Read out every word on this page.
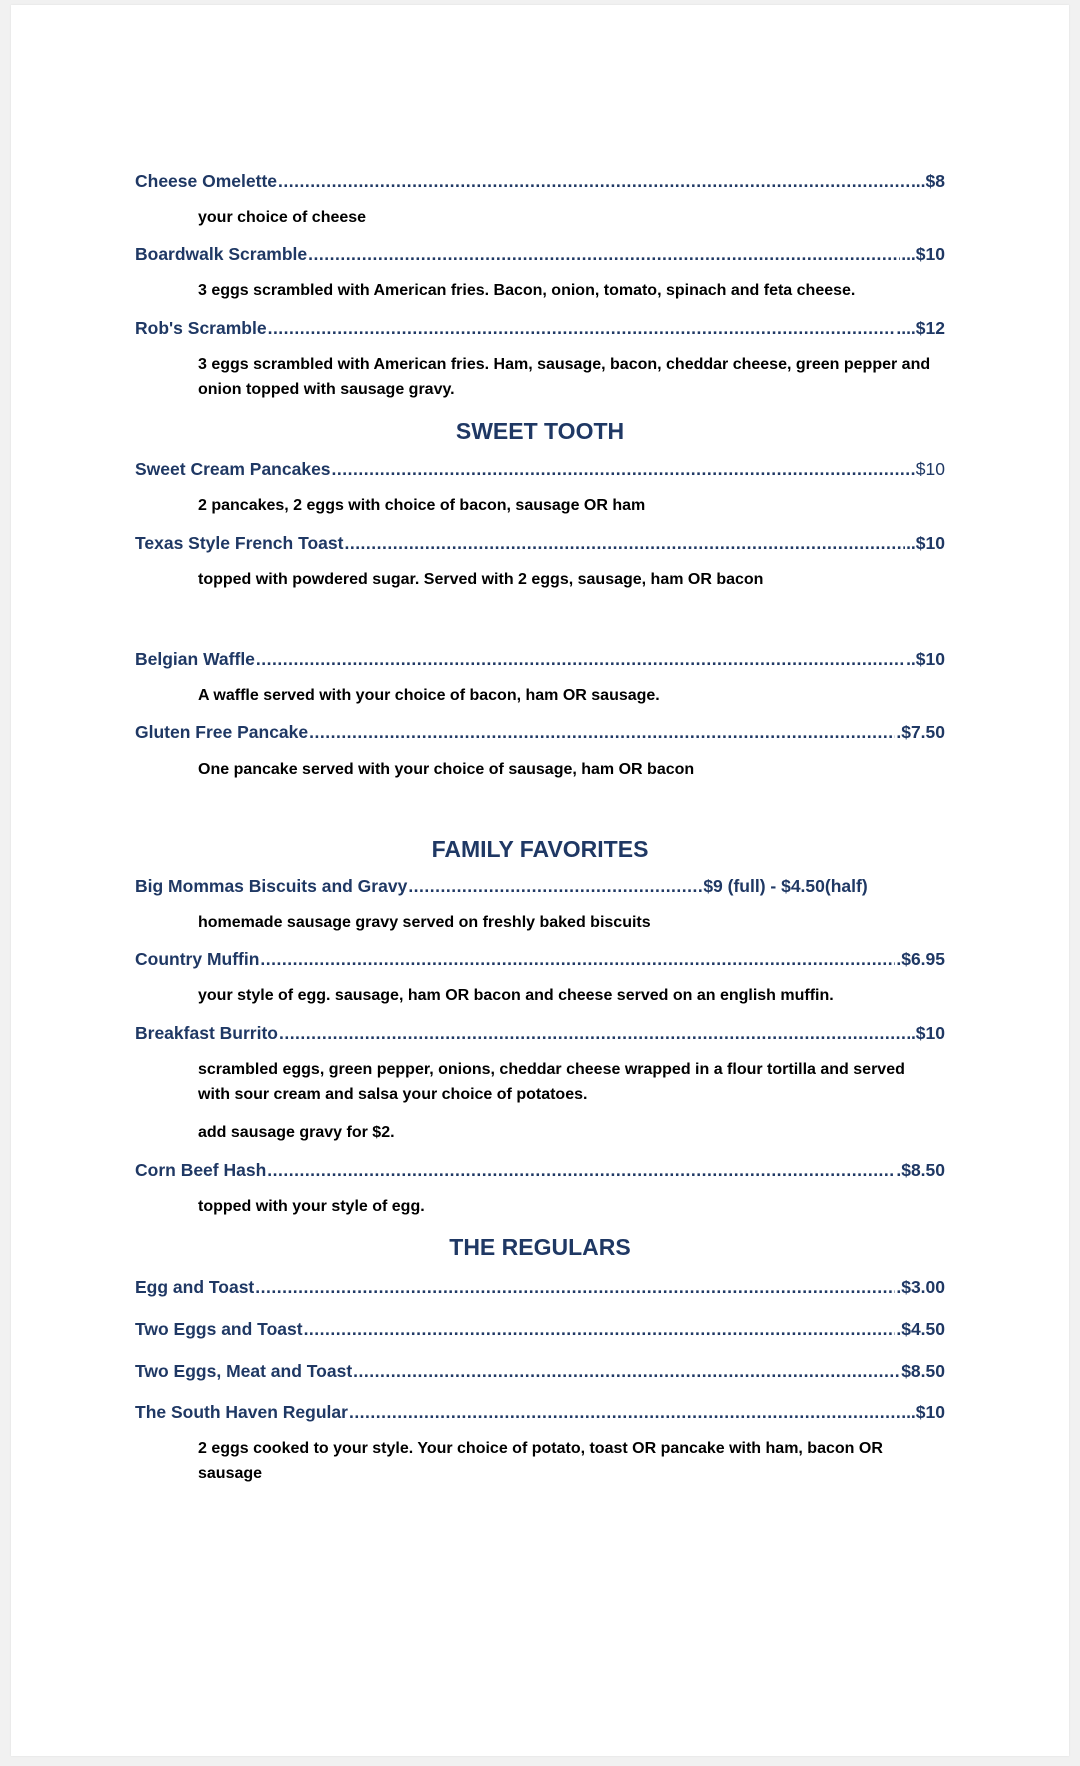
Cheese Omelette .....	...$8
your choice of cheese
Boardwalk Scramble .....	...$10
3 eggs scrambled with American fries. Bacon, onion, tomato, spinach and feta cheese.
Rob's Scramble .....	....$12
3 eggs scrambled with American fries. Ham, sausage, bacon, cheddar cheese, green pepper and onion topped with sausage gravy.
SWEET TOOTH
Sweet Cream Pancakes .....	$10
2 pancakes, 2 eggs with choice of bacon, sausage OR ham
Texas Style French Toast .....	..$10
topped with powdered sugar. Served with 2 eggs, sausage, ham OR bacon
Belgian Waffle .....	..$10
A waffle served with your choice of bacon, ham OR sausage.
Gluten Free Pancake .....	.$7.50
One pancake served with your choice of sausage, ham OR bacon
FAMILY FAVORITES
Big Mommas Biscuits and Gravy .....	$9 (full) - $4.50(half)
homemade sausage gravy served on freshly baked biscuits
Country Muffin .....	.$6.95
your style of egg. sausage, ham OR bacon and cheese served on an english muffin.
Breakfast Burrito .....	.$10
scrambled eggs, green pepper, onions, cheddar cheese wrapped in a flour tortilla and served with sour cream and salsa your choice of potatoes.
add sausage gravy for $2.
Corn Beef Hash .....	.$8.50
topped with your style of egg.
THE REGULARS
Egg and Toast .....	.$3.00
Two Eggs and Toast .....	.$4.50
Two Eggs, Meat and Toast .....	$8.50
The South Haven Regular .....	...$10
2 eggs cooked to your style. Your choice of potato, toast OR pancake with ham, bacon OR sausage
